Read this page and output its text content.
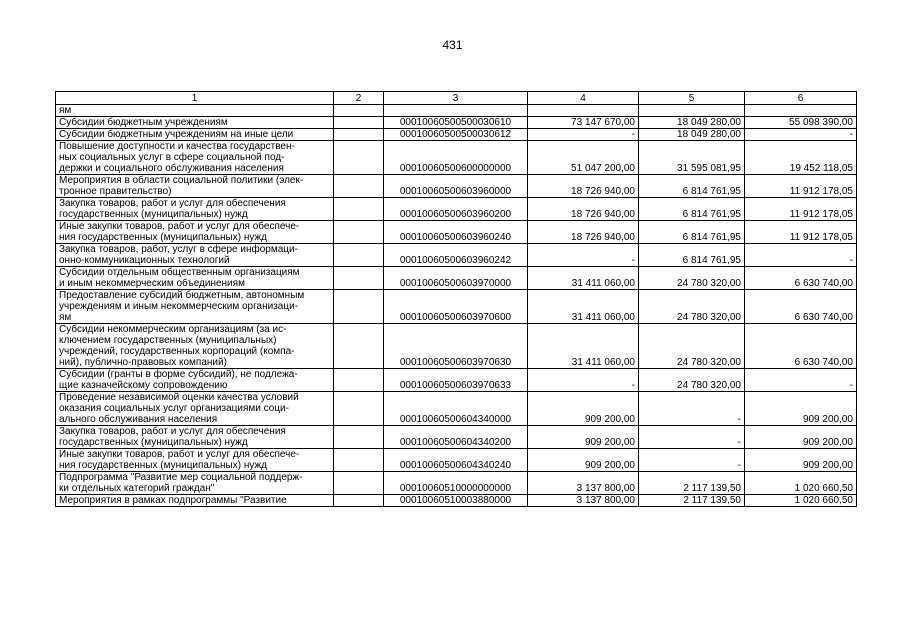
431
1	2	3	4	5	6
ям					
Субсидии бюджетным учреждениям		00010060500500030610	73 147 670,00	18 049 280,00	55 098 390,00
Субсидии бюджетным учреждениям на иные цели		00010060500500030612	-	18 049 280,00	-
Повышение доступности и качества государствен-
ных социальных услуг в сфере социальной под-
держки и социального обслуживания населения		00010060500600000000	51 047 200,00	31 595 081,95	19 452 118,05
Мероприятия в области социальной политики (элек-
тронное правительство)		00010060500603960000	18 726 940,00	6 814 761,95	11 912 178,05
Закупка товаров, работ и услуг для обеспечения
государственных (муниципальных) нужд		00010060500603960200	18 726 940,00	6 814 761,95	11 912 178,05
Иные закупки товаров, работ и услуг для обеспече-
ния государственных (муниципальных) нужд		00010060500603960240	18 726 940,00	6 814 761,95	11 912 178,05
Закупка товаров, работ, услуг в сфере информаци-
онно-коммуникационных технологий		00010060500603960242	-	6 814 761,95	-
Субсидии отдельным общественным организациям
и иным некоммерческим объединениям		00010060500603970000	31 411 060,00	24 780 320,00	6 630 740,00
Предоставление субсидий бюджетным, автономным
учреждениям и иным некоммерческим организаци-
ям		00010060500603970600	31 411 060,00	24 780 320,00	6 630 740,00
Субсидии некоммерческим организациям (за ис-
ключением государственных (муниципальных)
учреждений, государственных корпораций (компа-
ний), публично-правовых компаний)		00010060500603970630	31 411 060,00	24 780 320,00	6 630 740,00
Субсидии (гранты в форме субсидий), не подлежа-
щие казначейскому сопровождению		00010060500603970633	-	24 780 320,00	-
Проведение независимой оценки качества условий
оказания социальных услуг организациями соци-
ального обслуживания населения		00010060500604340000	909 200,00	-	909 200,00
Закупка товаров, работ и услуг для обеспечения
государственных (муниципальных) нужд		00010060500604340200	909 200,00	-	909 200,00
Иные закупки товаров, работ и услуг для обеспече-
ния государственных (муниципальных) нужд		00010060500604340240	909 200,00	-	909 200,00
Подпрограмма "Развитие мер социальной поддерж-
ки отдельных категорий граждан"		00010060510000000000	3 137 800,00	2 117 139,50	1 020 660,50
Мероприятия в рамках подпрограммы "Развитие		00010060510003880000	3 137 800,00	2 117 139,50	1 020 660,50
